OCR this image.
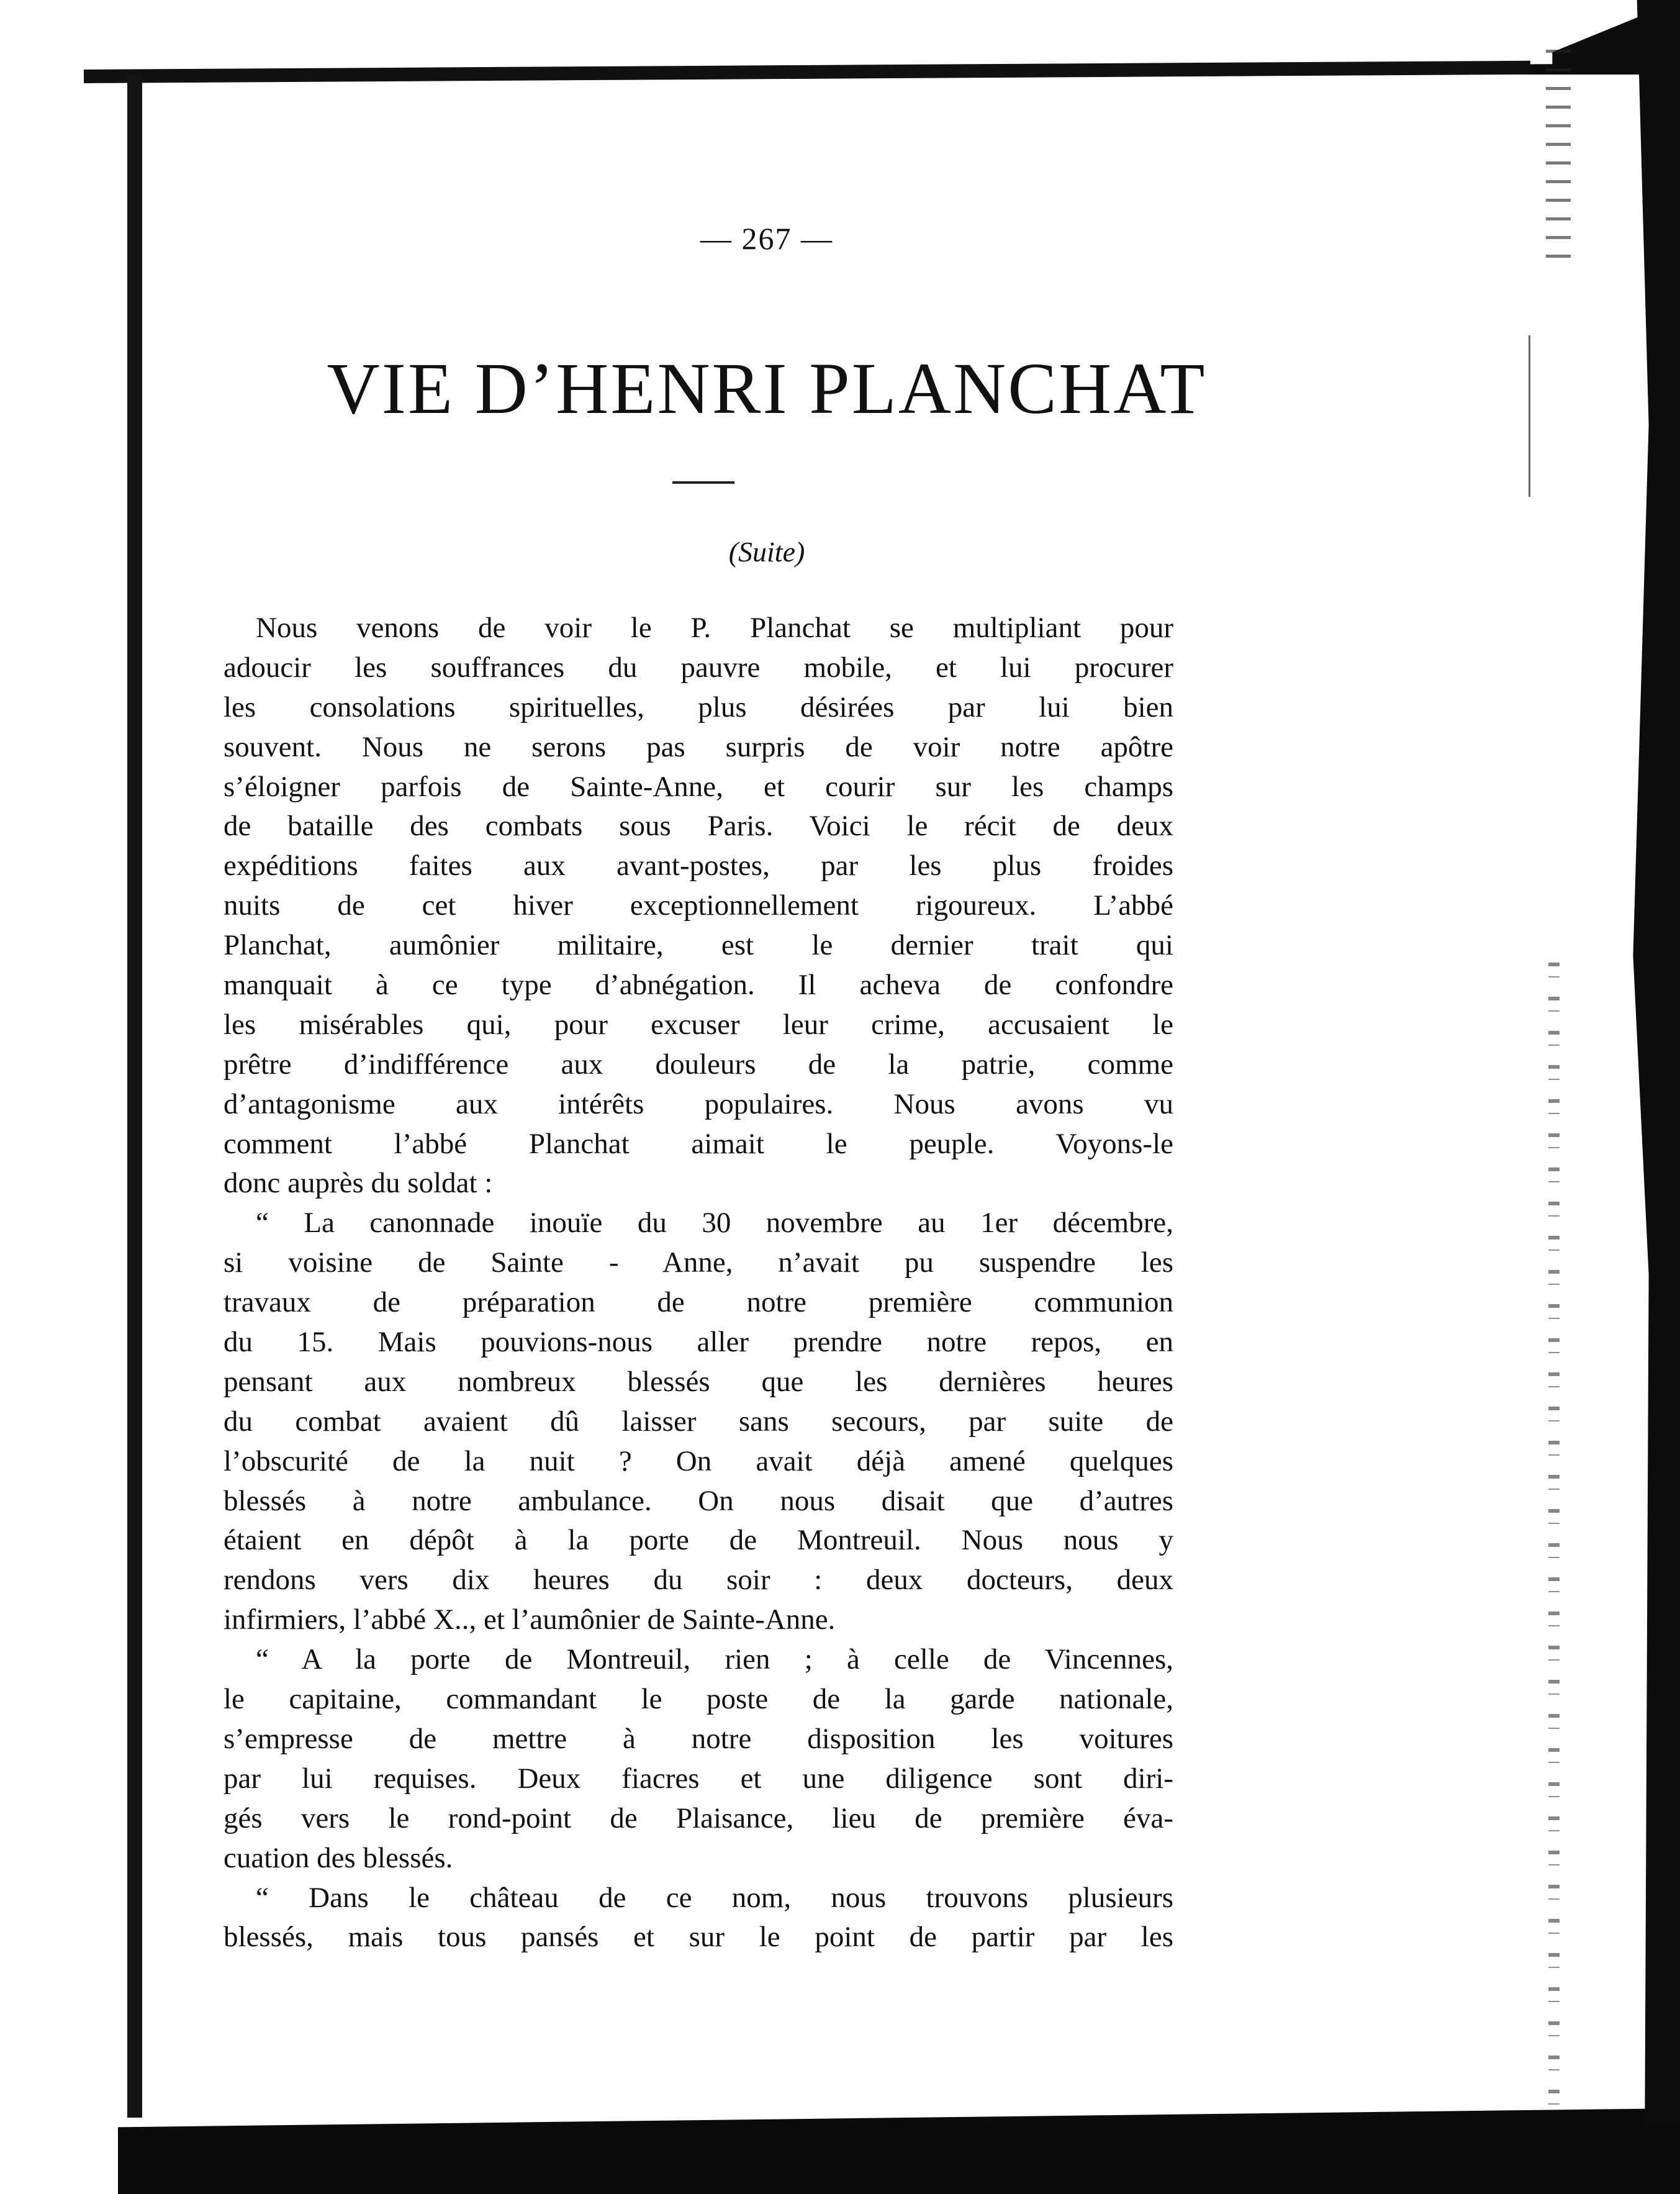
— 267 —
VIE D’HENRI PLANCHAT
(Suite)
Nous venons de voir le P. Planchat se multipliant pour
adoucir les souffrances du pauvre mobile, et lui procurer
les consolations spirituelles, plus désirées par lui bien
souvent. Nous ne serons pas surpris de voir notre apôtre
s’éloigner parfois de Sainte-Anne, et courir sur les champs
de bataille des combats sous Paris. Voici le récit de deux
expéditions faites aux avant-postes, par les plus froides
nuits de cet hiver exceptionnellement rigoureux. L’abbé
Planchat, aumônier militaire, est le dernier trait qui
manquait à ce type d’abnégation. Il acheva de confondre
les misérables qui, pour excuser leur crime, accusaient le
prêtre d’indifférence aux douleurs de la patrie, comme
d’antagonisme aux intérêts populaires. Nous avons vu
comment l’abbé Planchat aimait le peuple. Voyons-le
donc auprès du soldat :
“ La canonnade inouïe du 30 novembre au 1er décembre,
si voisine de Sainte - Anne, n’avait pu suspendre les
travaux de préparation de notre première communion
du 15. Mais pouvions-nous aller prendre notre repos, en
pensant aux nombreux blessés que les dernières heures
du combat avaient dû laisser sans secours, par suite de
l’obscurité de la nuit ? On avait déjà amené quelques
blessés à notre ambulance. On nous disait que d’autres
étaient en dépôt à la porte de Montreuil. Nous nous y
rendons vers dix heures du soir : deux docteurs, deux
infirmiers, l’abbé X.., et l’aumônier de Sainte-Anne.
“ A la porte de Montreuil, rien ; à celle de Vincennes,
le capitaine, commandant le poste de la garde nationale,
s’empresse de mettre à notre disposition les voitures
par lui requises. Deux fiacres et une diligence sont diri-
gés vers le rond-point de Plaisance, lieu de première éva-
cuation des blessés.
“ Dans le château de ce nom, nous trouvons plusieurs
blessés, mais tous pansés et sur le point de partir par les
